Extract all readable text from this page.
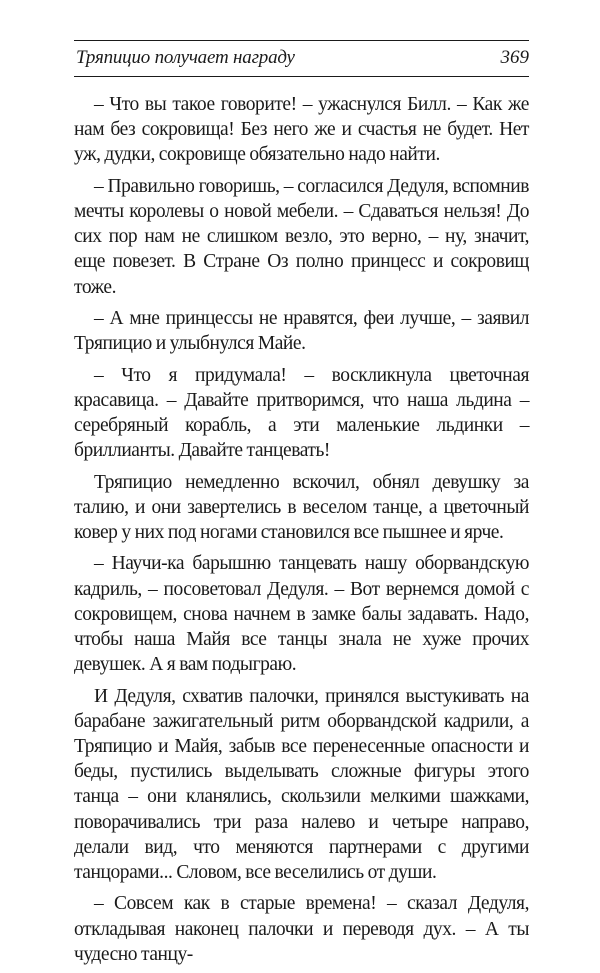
Тряпицио получает награду	369

– Что вы такое говорите! – ужаснулся Билл. – Как же нам без сокровища! Без него же и счастья не будет. Нет уж, дудки, сокровище обязательно надо найти.

– Правильно говоришь, – согласился Дедуля, вспомнив мечты королевы о новой мебели. – Сдаваться нельзя! До сих пор нам не слишком везло, это верно, – ну, значит, еще повезет. В Стране Оз полно принцесс и сокровищ тоже.

– А мне принцессы не нравятся, феи лучше, – заявил Тряпицио и улыбнулся Майе.

– Что я придумала! – воскликнула цветочная красавица. – Давайте притворимся, что наша льдина – серебряный корабль, а эти маленькие льдинки – бриллианты. Давайте танцевать!

Тряпицио немедленно вскочил, обнял девушку за талию, и они завертелись в веселом танце, а цветочный ковер у них под ногами становился все пышнее и ярче.

– Научи-ка барышню танцевать нашу оборвандскую кадриль, – посоветовал Дедуля. – Вот вернемся домой с сокровищем, снова начнем в замке балы задавать. Надо, чтобы наша Майя все танцы знала не хуже прочих девушек. А я вам подыграю.

И Дедуля, схватив палочки, принялся выстукивать на барабане зажигательный ритм оборвандской кадрили, а Тряпицио и Майя, забыв все перенесенные опасности и беды, пустились выделывать сложные фигуры этого танца – они кланялись, скользили мелкими шажками, поворачивались три раза налево и четыре направо, делали вид, что меняются партнерами с другими танцорами... Словом, все веселились от души.

– Совсем как в старые времена! – сказал Дедуля, откладывая наконец палочки и переводя дух. – А ты чудесно танцу-
